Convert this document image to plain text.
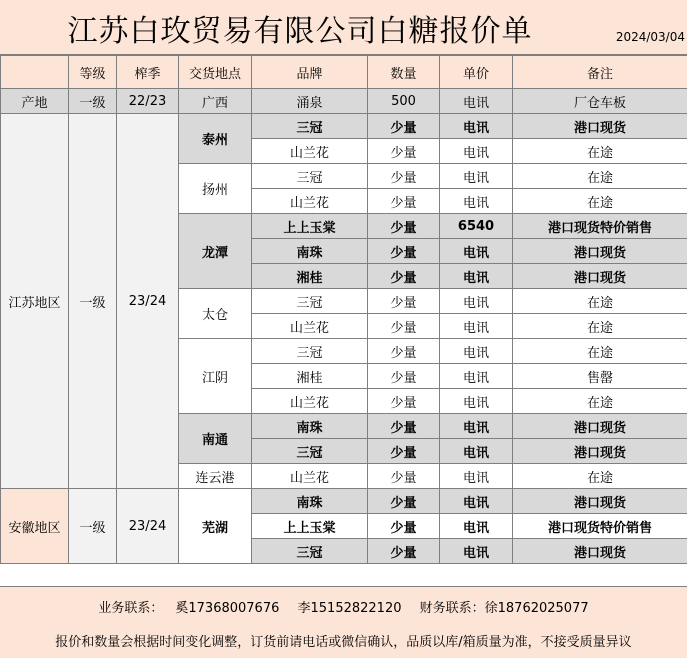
江苏白玫贸易有限公司白糖报价单	2024/03/04
	等级	榨季	交货地点	品牌	数量	单价	备注
产地	一级	22/23	广西	涌泉	500	电讯	厂仓车板
江苏地区	一级	23/24	泰州	三冠	少量	电讯	港口现货
				山兰花	少量	电讯	在途
			扬州	三冠	少量	电讯	在途
				山兰花	少量	电讯	在途
			龙潭	上上玉棠	少量	6540	港口现货特价销售
				南珠	少量	电讯	港口现货
				湘桂	少量	电讯	港口现货
			太仓	三冠	少量	电讯	在途
				山兰花	少量	电讯	在途
			江阴	三冠	少量	电讯	在途
				湘桂	少量	电讯	售罄
				山兰花	少量	电讯	在途
			南通	南珠	少量	电讯	港口现货
				三冠	少量	电讯	港口现货
			连云港	山兰花	少量	电讯	在途
安徽地区	一级	23/24	芜湖	南珠	少量	电讯	港口现货
				上上玉棠	少量	电讯	港口现货特价销售
				三冠	少量	电讯	港口现货
业务联系： 奚17368007676 李15152822120 财务联系：徐18762025077
报价和数量会根据时间变化调整，订货前请电话或微信确认，品质以库/箱质量为准，不接受质量异议
